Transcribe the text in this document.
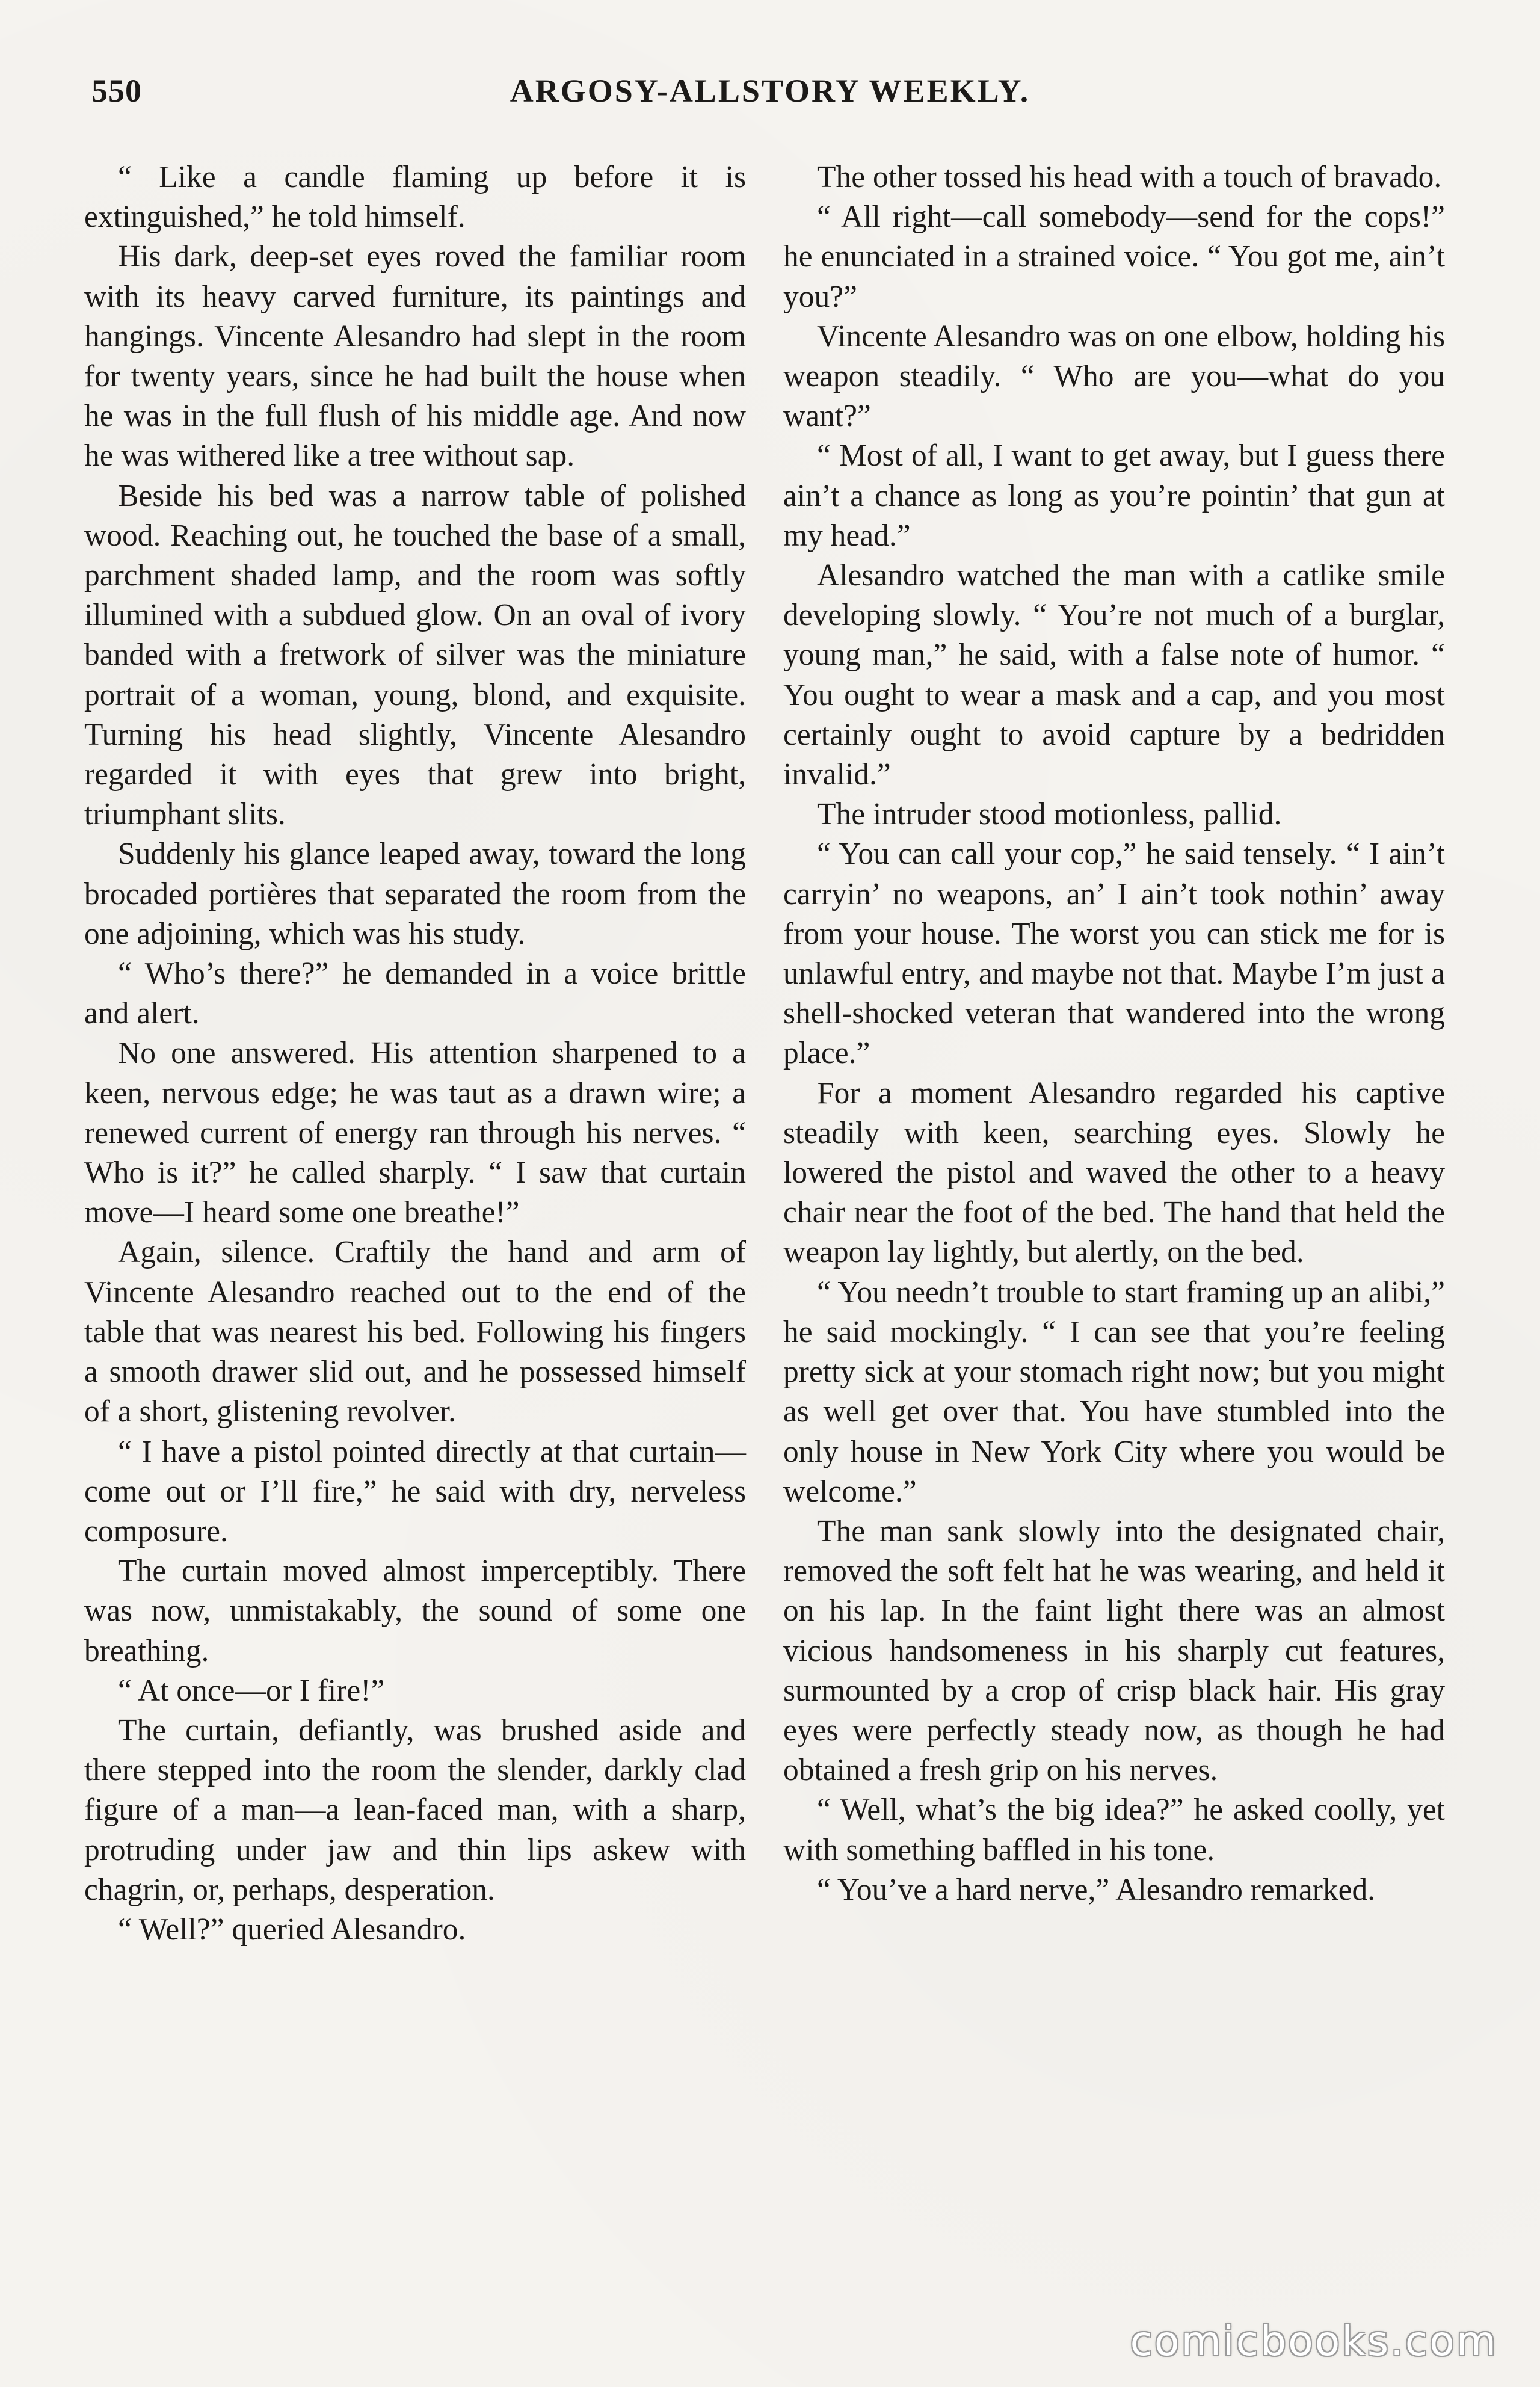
550	ARGOSY-ALLSTORY WEEKLY.

“ Like a candle flaming up before it is extinguished,” he told himself.

His dark, deep-set eyes roved the familiar room with its heavy carved furniture, its paintings and hangings. Vincente Alesandro had slept in the room for twenty years, since he had built the house when he was in the full flush of his middle age. And now he was withered like a tree without sap.

Beside his bed was a narrow table of polished wood. Reaching out, he touched the base of a small, parchment shaded lamp, and the room was softly illumined with a subdued glow. On an oval of ivory banded with a fretwork of silver was the miniature portrait of a woman, young, blond, and exquisite. Turning his head slightly, Vincente Alesandro regarded it with eyes that grew into bright, triumphant slits.

Suddenly his glance leaped away, toward the long brocaded portières that separated the room from the one adjoining, which was his study.

“ Who’s there?” he demanded in a voice brittle and alert.

No one answered. His attention sharpened to a keen, nervous edge; he was taut as a drawn wire; a renewed current of energy ran through his nerves. “ Who is it?” he called sharply. “ I saw that curtain move—I heard some one breathe!”

Again, silence. Craftily the hand and arm of Vincente Alesandro reached out to the end of the table that was nearest his bed. Following his fingers a smooth drawer slid out, and he possessed himself of a short, glistening revolver.

“ I have a pistol pointed directly at that curtain—come out or I’ll fire,” he said with dry, nerveless composure.

The curtain moved almost imperceptibly. There was now, unmistakably, the sound of some one breathing.

“ At once—or I fire!”

The curtain, defiantly, was brushed aside and there stepped into the room the slender, darkly clad figure of a man—a lean-faced man, with a sharp, protruding under jaw and thin lips askew with chagrin, or, perhaps, desperation.

“ Well?” queried Alesandro.

The other tossed his head with a touch of bravado.

“ All right—call somebody—send for the cops!” he enunciated in a strained voice. “ You got me, ain’t you?”

Vincente Alesandro was on one elbow, holding his weapon steadily. “ Who are you—what do you want?”

“ Most of all, I want to get away, but I guess there ain’t a chance as long as you’re pointin’ that gun at my head.”

Alesandro watched the man with a catlike smile developing slowly. “ You’re not much of a burglar, young man,” he said, with a false note of humor. “ You ought to wear a mask and a cap, and you most certainly ought to avoid capture by a bedridden invalid.”

The intruder stood motionless, pallid.

“ You can call your cop,” he said tensely. “ I ain’t carryin’ no weapons, an’ I ain’t took nothin’ away from your house. The worst you can stick me for is unlawful entry, and maybe not that. Maybe I’m just a shell-shocked veteran that wandered into the wrong place.”

For a moment Alesandro regarded his captive steadily with keen, searching eyes. Slowly he lowered the pistol and waved the other to a heavy chair near the foot of the bed. The hand that held the weapon lay lightly, but alertly, on the bed.

“ You needn’t trouble to start framing up an alibi,” he said mockingly. “ I can see that you’re feeling pretty sick at your stomach right now; but you might as well get over that. You have stumbled into the only house in New York City where you would be welcome.”

The man sank slowly into the designated chair, removed the soft felt hat he was wearing, and held it on his lap. In the faint light there was an almost vicious handsomeness in his sharply cut features, surmounted by a crop of crisp black hair. His gray eyes were perfectly steady now, as though he had obtained a fresh grip on his nerves.

“ Well, what’s the big idea?” he asked coolly, yet with something baffled in his tone.

“ You’ve a hard nerve,” Alesandro remarked.

comicbooks.com
